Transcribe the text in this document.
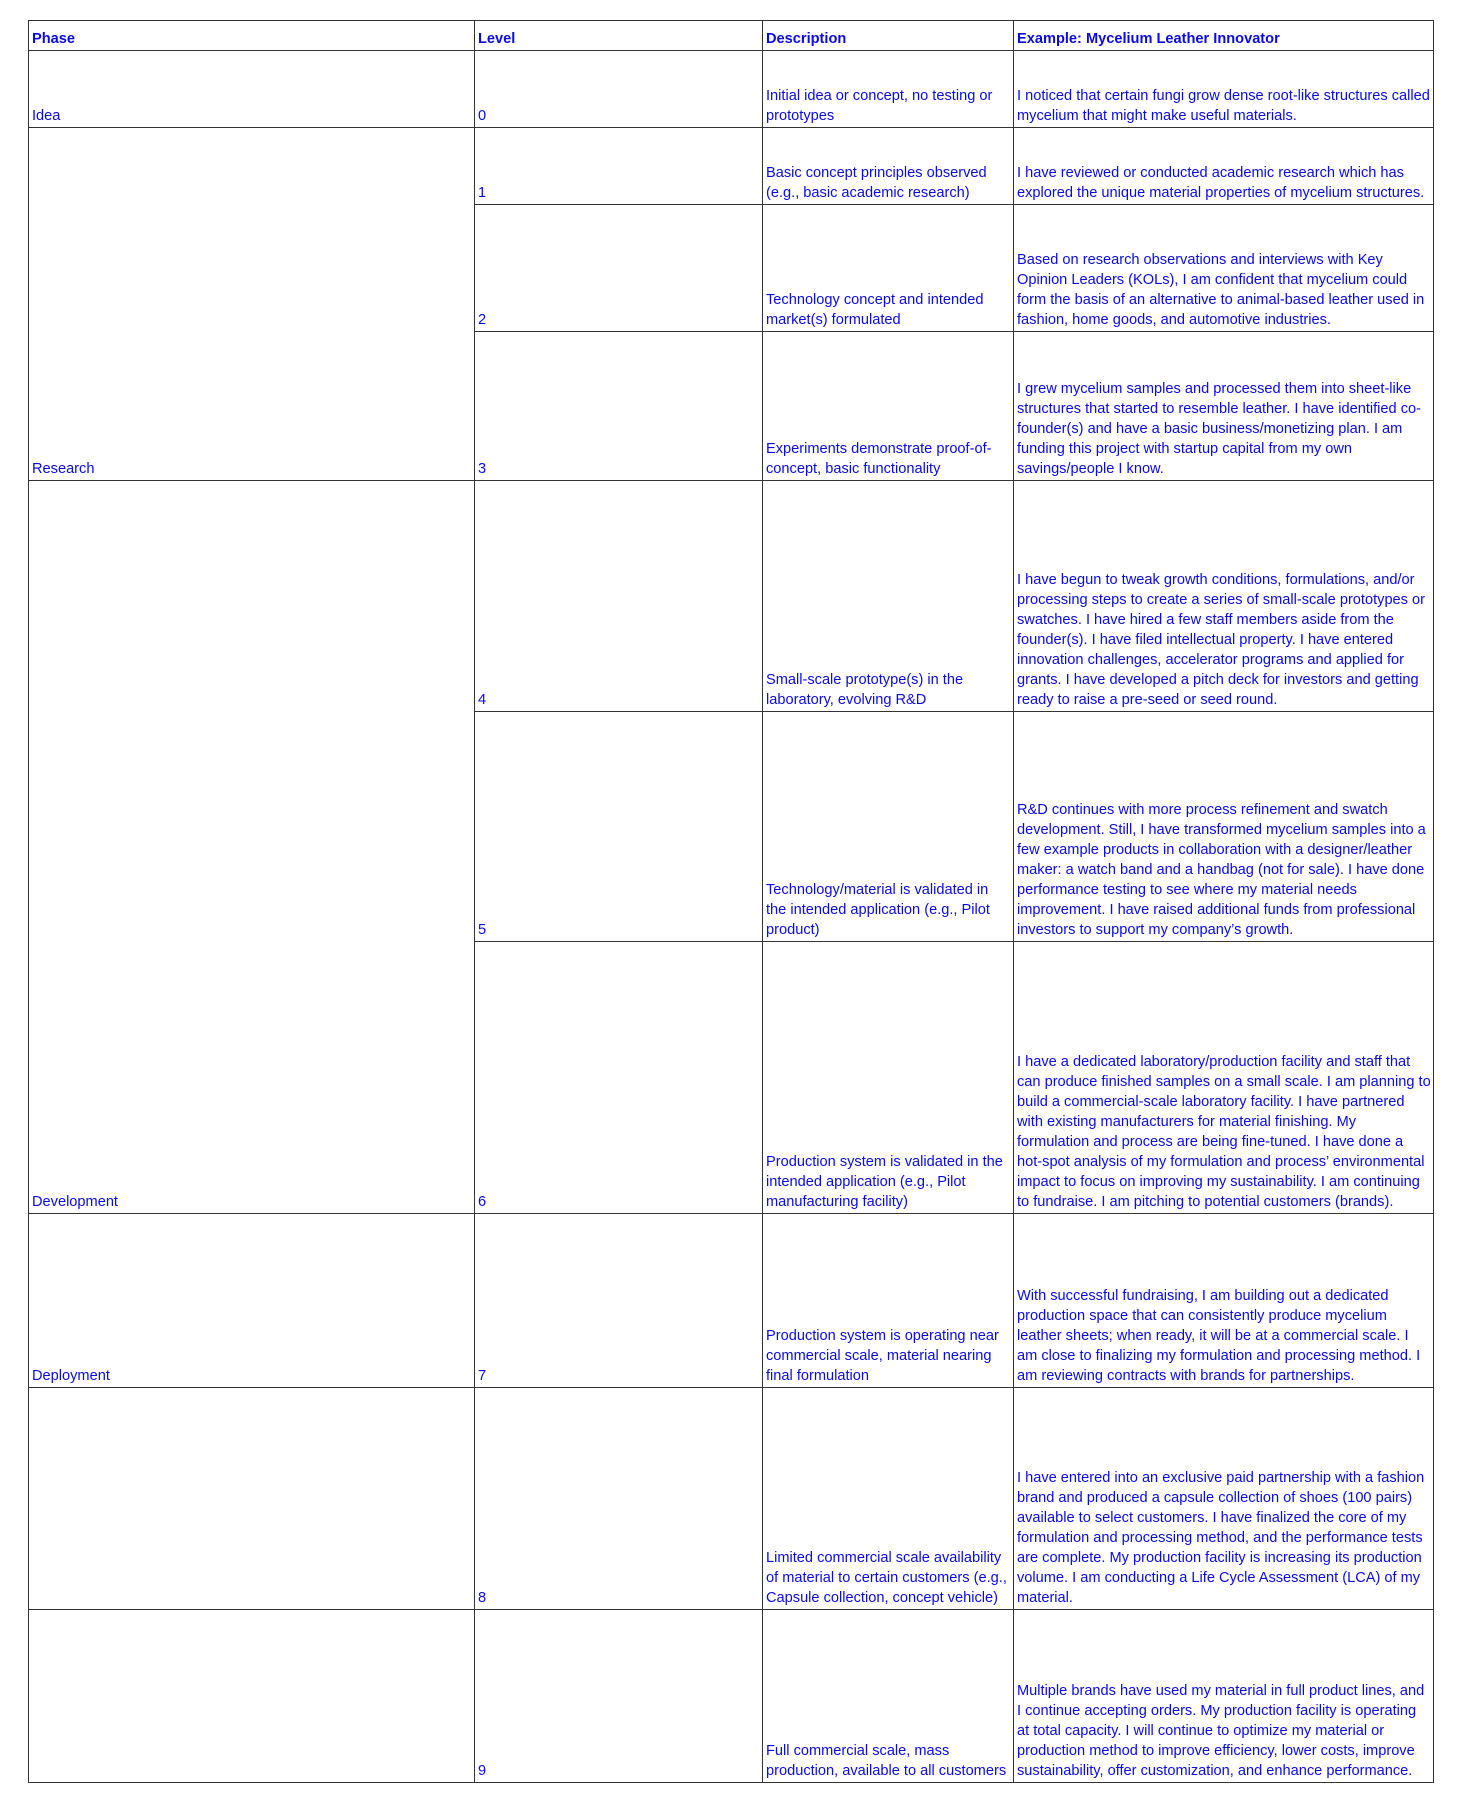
Phase	Level	Description	Example: Mycelium Leather Innovator
Idea	0	Initial idea or concept, no testing or prototypes	I noticed that certain fungi grow dense root-like structures called mycelium that might make useful materials.
Research	1	Basic concept principles observed (e.g., basic academic research)	I have reviewed or conducted academic research which has explored the unique material properties of mycelium structures.
	2	Technology concept and intended market(s) formulated	Based on research observations and interviews with Key Opinion Leaders (KOLs), I am confident that mycelium could form the basis of an alternative to animal-based leather used in fashion, home goods, and automotive industries.
	3	Experiments demonstrate proof-of-concept, basic functionality	I grew mycelium samples and processed them into sheet-like structures that started to resemble leather. I have identified co-founder(s) and have a basic business/monetizing plan. I am funding this project with startup capital from my own savings/people I know.
Development	4	Small-scale prototype(s) in the laboratory, evolving R&D	I have begun to tweak growth conditions, formulations, and/or processing steps to create a series of small-scale prototypes or swatches. I have hired a few staff members aside from the founder(s). I have filed intellectual property. I have entered innovation challenges, accelerator programs and applied for grants. I have developed a pitch deck for investors and getting ready to raise a pre-seed or seed round.
	5	Technology/material is validated in the intended application (e.g., Pilot product)	R&D continues with more process refinement and swatch development. Still, I have transformed mycelium samples into a few example products in collaboration with a designer/leather maker: a watch band and a handbag (not for sale). I have done performance testing to see where my material needs improvement. I have raised additional funds from professional investors to support my company’s growth.
	6	Production system is validated in the intended application (e.g., Pilot manufacturing facility)	I have a dedicated laboratory/production facility and staff that can produce finished samples on a small scale. I am planning to build a commercial-scale laboratory facility. I have partnered with existing manufacturers for material finishing. My formulation and process are being fine-tuned. I have done a hot-spot analysis of my formulation and process’ environmental impact to focus on improving my sustainability. I am continuing to fundraise. I am pitching to potential customers (brands).
Deployment	7	Production system is operating near commercial scale, material nearing final formulation	With successful fundraising, I am building out a dedicated production space that can consistently produce mycelium leather sheets; when ready, it will be at a commercial scale. I am close to finalizing my formulation and processing method. I am reviewing contracts with brands for partnerships.
	8	Limited commercial scale availability of material to certain customers (e.g., Capsule collection, concept vehicle)	I have entered into an exclusive paid partnership with a fashion brand and produced a capsule collection of shoes (100 pairs) available to select customers. I have finalized the core of my formulation and processing method, and the performance tests are complete. My production facility is increasing its production volume. I am conducting a Life Cycle Assessment (LCA) of my material.
	9	Full commercial scale, mass production, available to all customers	Multiple brands have used my material in full product lines, and I continue accepting orders. My production facility is operating at total capacity. I will continue to optimize my material or production method to improve efficiency, lower costs, improve sustainability, offer customization, and enhance performance.
